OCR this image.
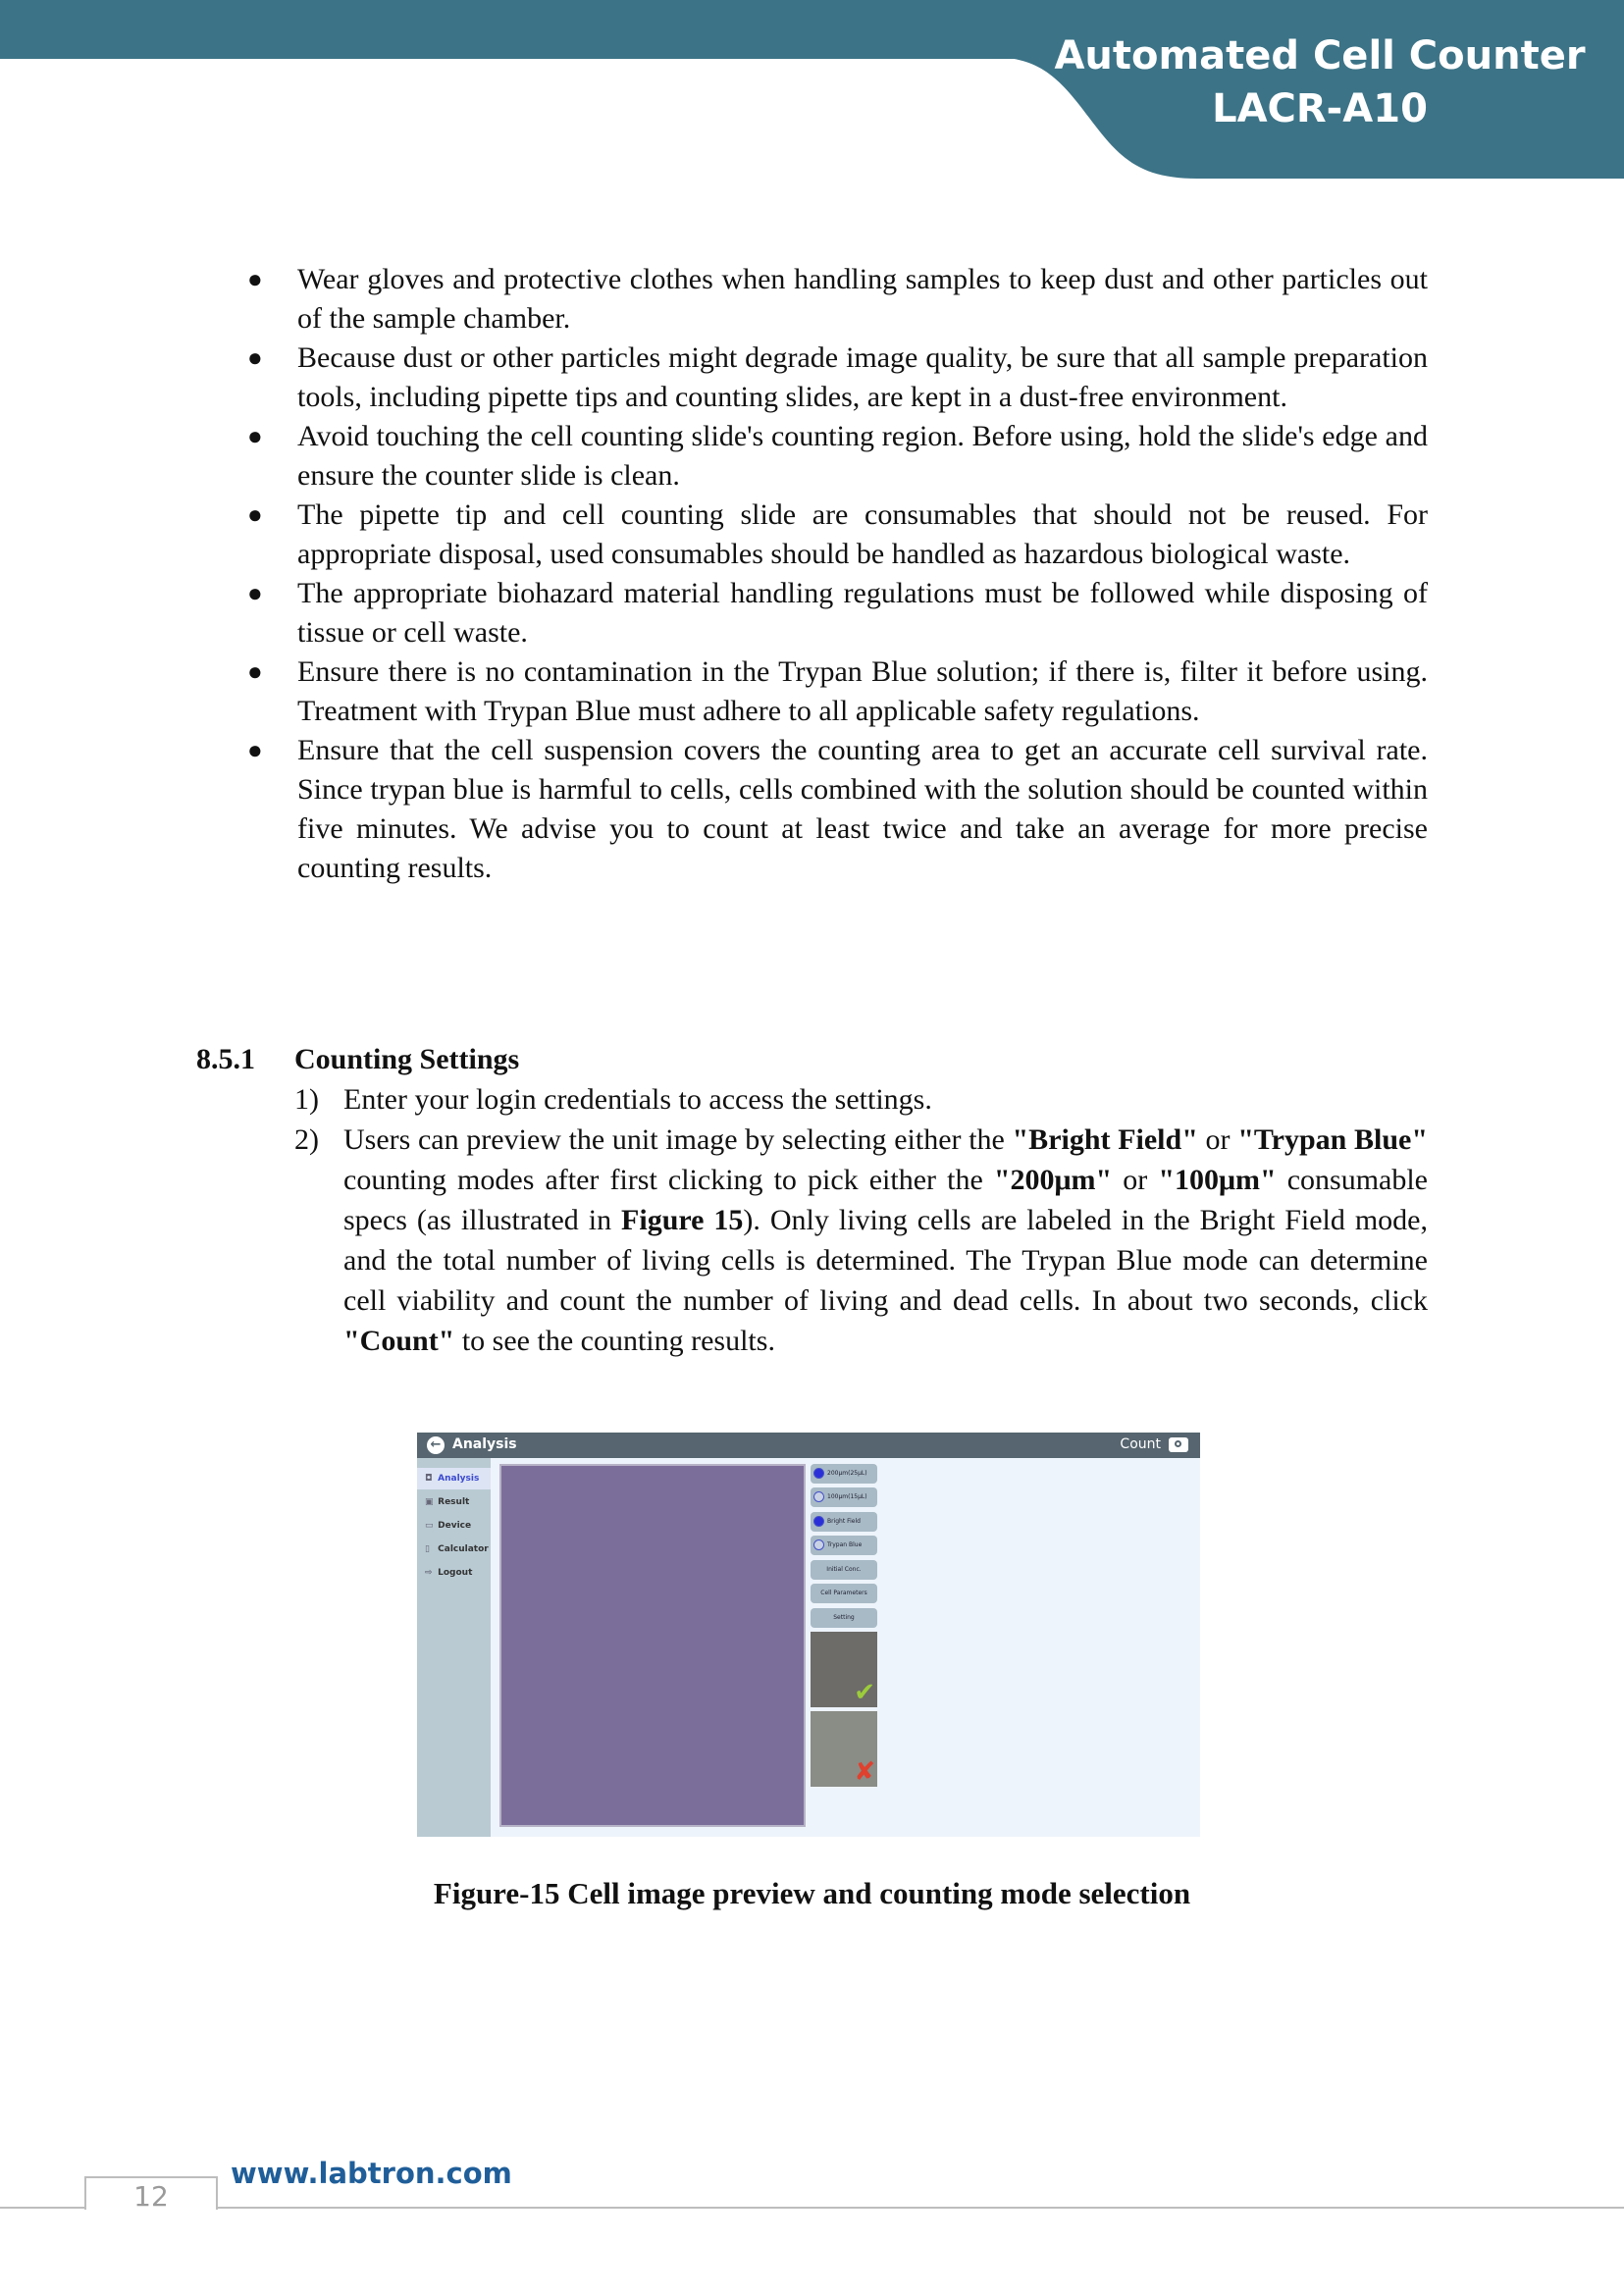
Automated Cell Counter
LACR-A10
● Wear gloves and protective clothes when handling samples to keep dust and other particles out of the sample chamber.
● Because dust or other particles might degrade image quality, be sure that all sample preparation tools, including pipette tips and counting slides, are kept in a dust-free environment.
● Avoid touching the cell counting slide's counting region. Before using, hold the slide's edge and ensure the counter slide is clean.
● The pipette tip and cell counting slide are consumables that should not be reused. For appropriate disposal, used consumables should be handled as hazardous biological waste.
● The appropriate biohazard material handling regulations must be followed while disposing of tissue or cell waste.
● Ensure there is no contamination in the Trypan Blue solution; if there is, filter it before using. Treatment with Trypan Blue must adhere to all applicable safety regulations.
● Ensure that the cell suspension covers the counting area to get an accurate cell survival rate. Since trypan blue is harmful to cells, cells combined with the solution should be counted within five minutes. We advise you to count at least twice and take an average for more precise counting results.
8.5.1 Counting Settings
1) Enter your login credentials to access the settings.
2) Users can preview the unit image by selecting either the "Bright Field" or "Trypan Blue" counting modes after first clicking to pick either the "200μm" or "100μm" consumable specs (as illustrated in Figure 15). Only living cells are labeled in the Bright Field mode, and the total number of living cells is determined. The Trypan Blue mode can determine cell viability and count the number of living and dead cells. In about two seconds, click "Count" to see the counting results.
← Analysis	Count
◘ Analysis
▣ Result
▭ Device
▯ Calculator
⇨ Logout
200μm(25μL)
100μm(15μL)
Bright Field
Trypan Blue
Initial Conc.
Cell Parameters
Setting
✔
✘
Figure-15 Cell image preview and counting mode selection
12
www.labtron.com
